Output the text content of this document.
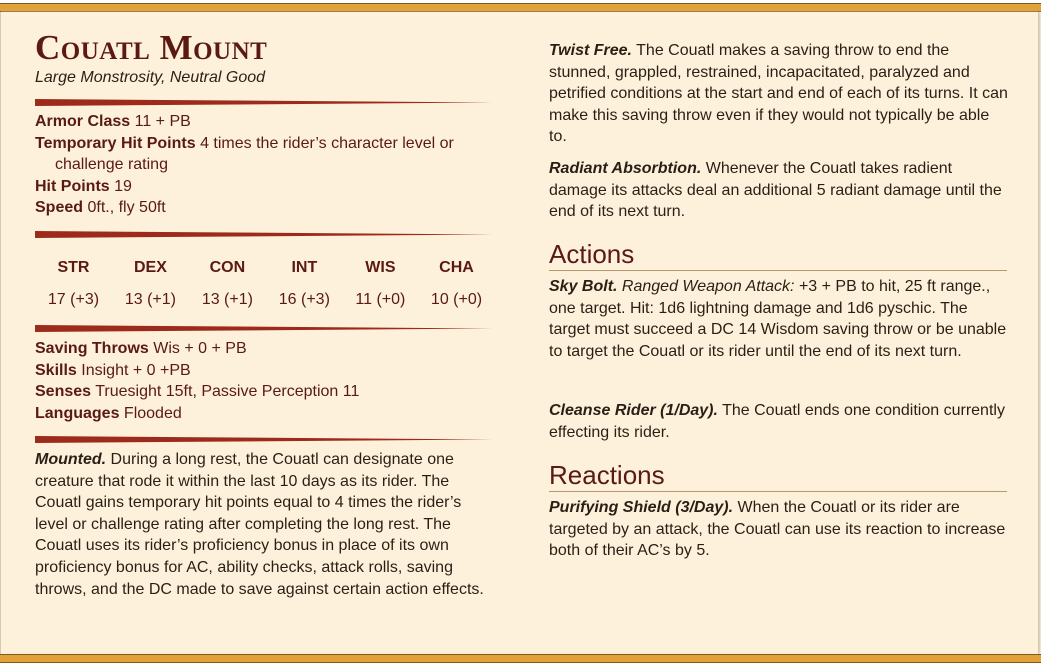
Couatl Mount
Large Monstrosity, Neutral Good
Armor Class 11 + PB
Temporary Hit Points 4 times the rider’s character level or challenge rating
Hit Points 19
Speed 0ft., fly 50ft
STR	DEX	CON	INT	WIS	CHA

17 (+3)	13 (+1)	13 (+1)	16 (+3)	11 (+0)	10 (+0)
Saving Throws Wis + 0 + PB
Skills Insight + 0 +PB
Senses Truesight 15ft, Passive Perception 11
Languages Flooded
Mounted. During a long rest, the Couatl can designate one creature that rode it within the last 10 days as its rider. The Couatl gains temporary hit points equal to 4 times the rider’s level or challenge rating after completing the long rest. The Couatl uses its rider’s proficiency bonus in place of its own proficiency bonus for AC, ability checks, attack rolls, saving throws, and the DC made to save against certain action effects.
Twist Free. The Couatl makes a saving throw to end the stunned, grappled, restrained, incapacitated, paralyzed and petrified conditions at the start and end of each of its turns. It can make this saving throw even if they would not typically be able to.
Radiant Absorbtion. Whenever the Couatl takes radient damage its attacks deal an additional 5 radiant damage until the end of its next turn.
Actions
Sky Bolt. Ranged Weapon Attack: +3 + PB to hit, 25 ft range., one target. Hit: 1d6 lightning damage and 1d6 pyschic. The target must succeed a DC 14 Wisdom saving throw or be unable to target the Couatl or its rider until the end of its next turn.
Cleanse Rider (1/Day). The Couatl ends one condition currently effecting its rider.
Reactions
Purifying Shield (3/Day). When the Couatl or its rider are targeted by an attack, the Couatl can use its reaction to increase both of their AC’s by 5.
